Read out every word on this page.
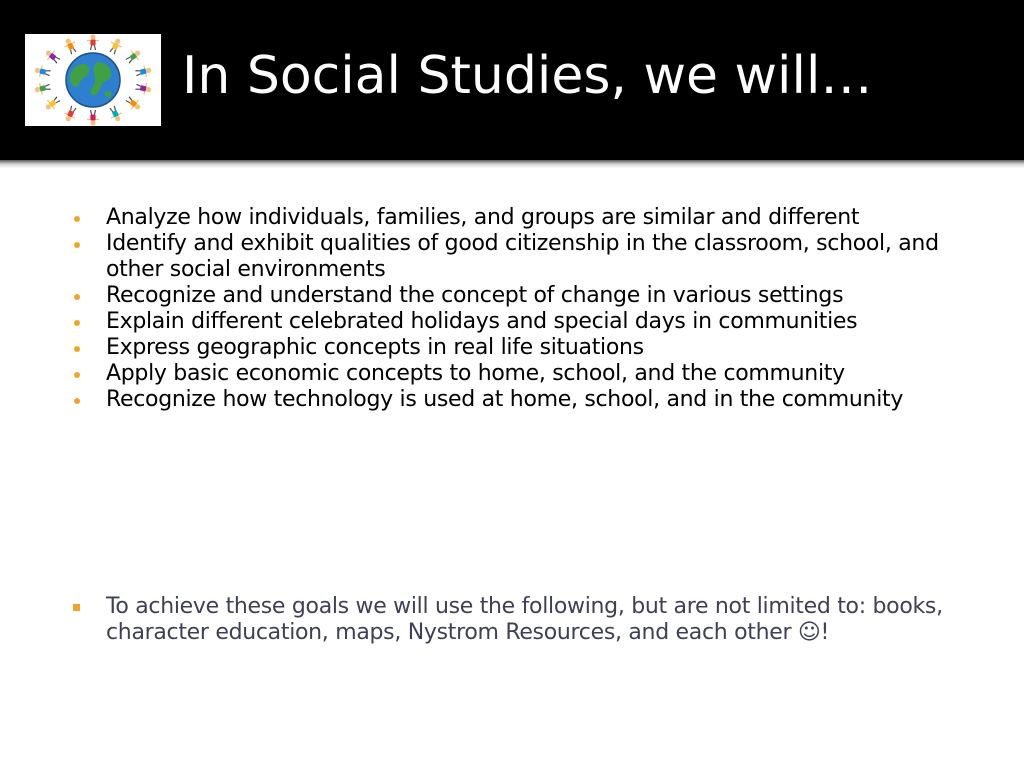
In Social Studies, we will…
Analyze how individuals, families, and groups are similar and different
Identify and exhibit qualities of good citizenship in the classroom, school, and other social environments
Recognize and understand the concept of change in various settings
Explain different celebrated holidays and special days in communities
Express geographic concepts in real life situations
Apply basic economic concepts to home, school, and the community
Recognize how technology is used at home, school, and in the community
To achieve these goals we will use the following, but are not limited to: books, character education, maps, Nystrom Resources, and each other ☺!
